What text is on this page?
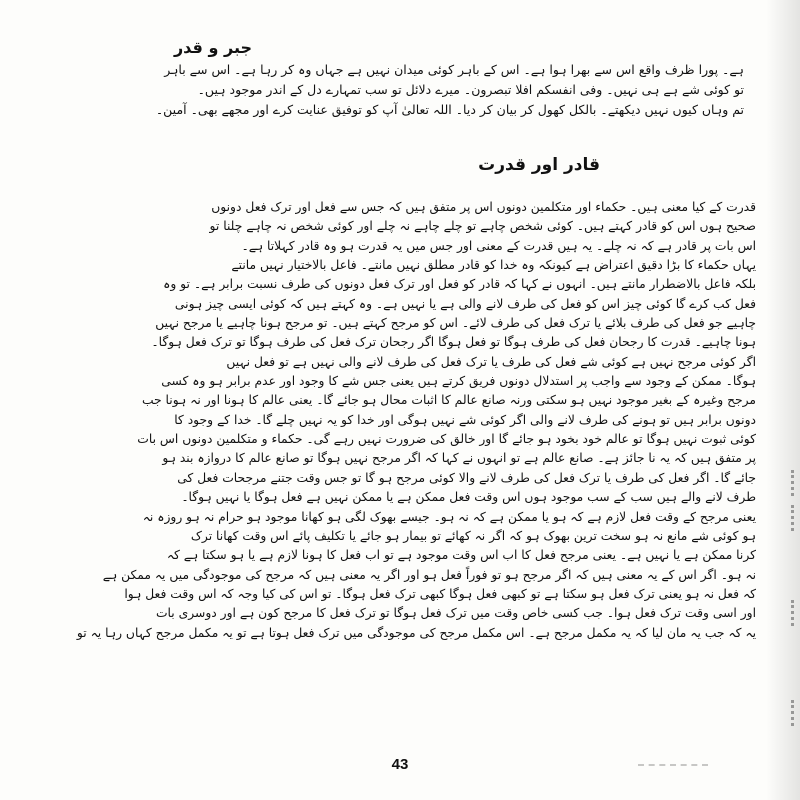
جبر و قدر
ہے۔ پورا ظرف واقع اس سے بھرا ہوا ہے۔ اس کے باہر کوئی میدان نہیں ہے جہاں وہ کر رہا ہے۔ اس سے باہر
تو کوئی شے ہے ہی نہیں۔ وفی انفسکم افلا تبصرون۔ میرے دلائل تو سب تمہارے دل کے اندر موجود ہیں۔
تم وہاں کیوں نہیں دیکھتے۔ بالکل کھول کر بیان کر دیا۔ اللہ تعالیٰ آپ کو توفیق عنایت کرے اور مجھے بھی۔ آمین۔
قادر اور قدرت
قدرت کے کیا معنی ہیں۔ حکماء اور متکلمین دونوں اس پر متفق ہیں کہ جس سے فعل اور ترک فعل دونوں
صحیح ہوں اس کو قادر کہتے ہیں۔ کوئی شخص چاہے تو چلے چاہے نہ چلے اور کوئی شخص نہ چاہے چلنا تو
اس بات پر قادر ہے کہ نہ چلے۔ یہ ہیں قدرت کے معنی اور جس میں یہ قدرت ہو وہ قادر کہلاتا ہے۔
یہاں حکماء کا بڑا دقیق اعتراض ہے کیونکہ وہ خدا کو قادر مطلق نہیں مانتے۔ فاعل بالاختیار نہیں مانتے
بلکہ فاعل بالاضطرار مانتے ہیں۔ انہوں نے کہا کہ قادر کو فعل اور ترک فعل دونوں کی طرف نسبت برابر ہے۔ تو وہ
فعل کب کرے گا کوئی چیز اس کو فعل کی طرف لانے والی ہے یا نہیں ہے۔ وہ کہتے ہیں کہ کوئی ایسی چیز ہونی
چاہیے جو فعل کی طرف بلائے یا ترک فعل کی طرف لائے۔ اس کو مرجح کہتے ہیں۔ تو مرجح ہونا چاہیے یا مرجح نہیں
ہونا چاہیے۔ قدرت کا رجحان فعل کی طرف ہوگا تو فعل ہوگا اگر رجحان ترک فعل کی طرف ہوگا تو ترک فعل ہوگا۔
اگر کوئی مرجح نہیں ہے کوئی شے فعل کی طرف یا ترک فعل کی طرف لانے والی نہیں ہے تو فعل نہیں
ہوگا۔ ممکن کے وجود سے واجب پر استدلال دونوں فریق کرتے ہیں یعنی جس شے کا وجود اور عدم برابر ہو وہ کسی
مرجح وغیرہ کے بغیر موجود نہیں ہو سکتی ورنہ صانع عالم کا اثبات محال ہو جائے گا۔ یعنی عالم کا ہونا اور نہ ہونا جب
دونوں برابر ہیں تو ہونے کی طرف لانے والی اگر کوئی شے نہیں ہوگی اور خدا کو یہ نہیں چلے گا۔ خدا کے وجود کا
کوئی ثبوت نہیں ہوگا تو عالم خود بخود ہو جائے گا اور خالق کی ضرورت نہیں رہے گی۔ حکماء و متکلمین دونوں اس بات
پر متفق ہیں کہ یہ نا جائز ہے۔ صانع عالم ہے تو انہوں نے کہا کہ اگر مرجح نہیں ہوگا تو صانع عالم کا دروازہ بند ہو
جائے گا۔ اگر فعل کی طرف یا ترک فعل کی طرف لانے والا کوئی مرجح ہو گا تو جس وقت جتنے مرجحات فعل کی
طرف لانے والے ہیں سب کے سب موجود ہوں اس وقت فعل ممکن ہے یا ممکن نہیں ہے فعل ہوگا یا نہیں ہوگا۔
یعنی مرجح کے وقت فعل لازم ہے کہ ہو یا ممکن ہے کہ نہ ہو۔ جیسے بھوک لگی ہو کھانا موجود ہو حرام نہ ہو روزہ نہ
ہو کوئی شے مانع نہ ہو سخت ترین بھوک ہو کہ اگر نہ کھائے تو بیمار ہو جائے یا تکلیف پائے اس وقت کھانا ترک
کرنا ممکن ہے یا نہیں ہے۔ یعنی مرجح فعل کا اب اس وقت موجود ہے تو اب فعل کا ہونا لازم ہے یا ہو سکتا ہے کہ
نہ ہو۔ اگر اس کے یہ معنی ہیں کہ اگر مرجح ہو تو فوراً فعل ہو اور اگر یہ معنی ہیں کہ مرجح کی موجودگی میں یہ ممکن ہے
کہ فعل نہ ہو یعنی ترک فعل ہو سکتا ہے تو کبھی فعل ہوگا کبھی ترک فعل ہوگا۔ تو اس کی کیا وجہ کہ اس وقت فعل ہوا
اور اسی وقت ترک فعل ہوا۔ جب کسی خاص وقت میں ترک فعل ہوگا تو ترک فعل کا مرجح کون ہے اور دوسری بات
یہ کہ جب یہ مان لیا کہ یہ مکمل مرجح ہے۔ اس مکمل مرجح کی موجودگی میں ترک فعل ہوتا ہے تو یہ مکمل مرجح کہاں رہا یہ تو
43
